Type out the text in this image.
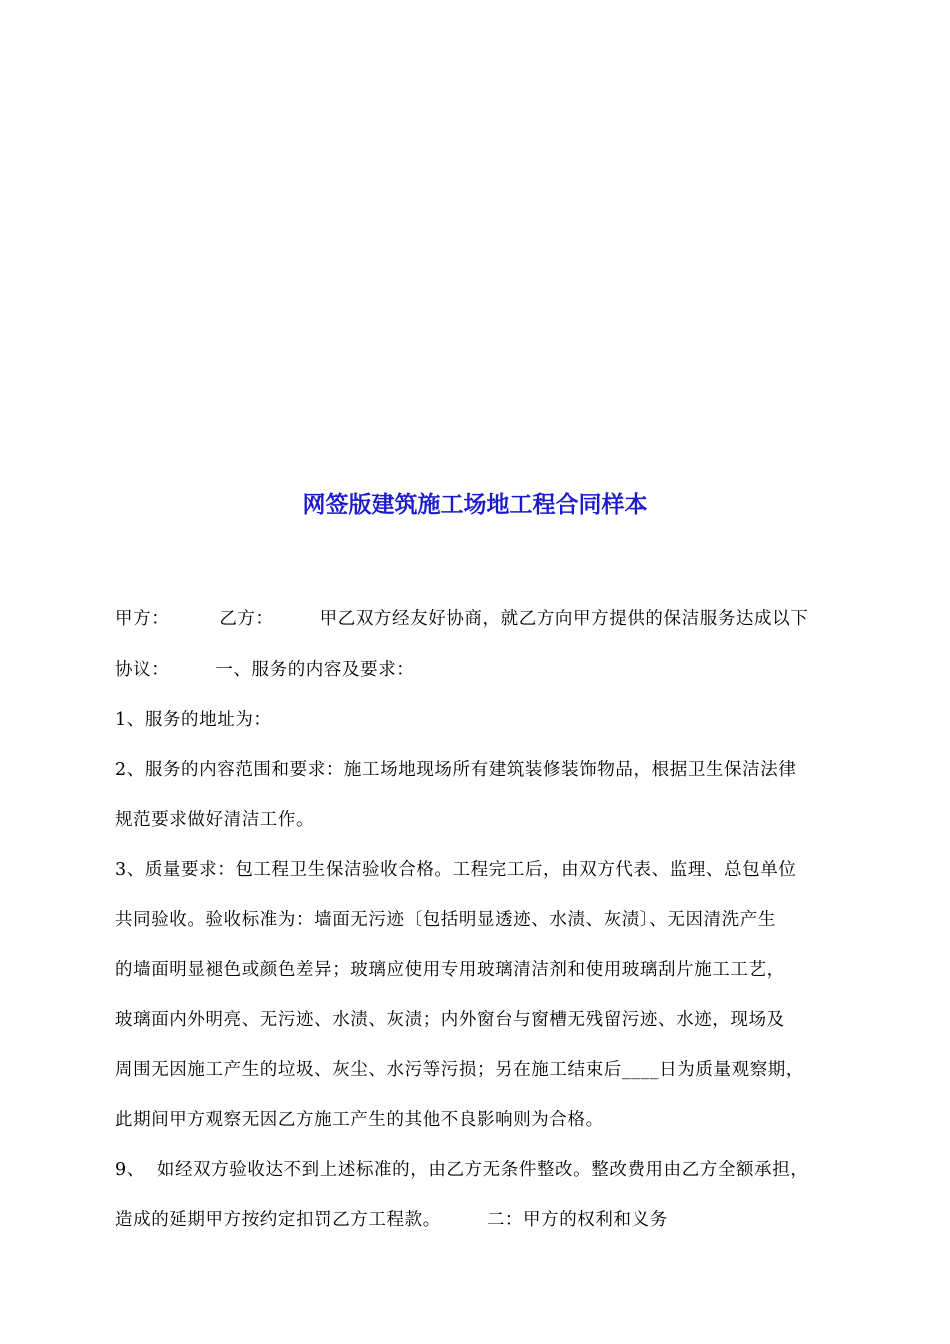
网签版建筑施工场地工程合同样本
甲方：	乙方：	甲乙双方经友好协商，就乙方向甲方提供的保洁服务达成以下
协议：	一、服务的内容及要求：
1、服务的地址为：
2、服务的内容范围和要求：施工场地现场所有建筑装修装饰物品，根据卫生保洁法律
规范要求做好清洁工作。
3、质量要求：包工程卫生保洁验收合格。工程完工后，由双方代表、监理、总包单位
共同验收。验收标准为：墙面无污迹〔包括明显透迹、水渍、灰渍〕、无因清洗产生
的墙面明显褪色或颜色差异；玻璃应使用专用玻璃清洁剂和使用玻璃刮片施工工艺，
玻璃面内外明亮、无污迹、水渍、灰渍；内外窗台与窗槽无残留污迹、水迹，现场及
周围无因施工产生的垃圾、灰尘、水污等污损；另在施工结束后____日为质量观察期，
此期间甲方观察无因乙方施工产生的其他不良影响则为合格。
9、 如经双方验收达不到上述标准的，由乙方无条件整改。整改费用由乙方全额承担，
造成的延期甲方按约定扣罚乙方工程款。	二：甲方的权利和义务
